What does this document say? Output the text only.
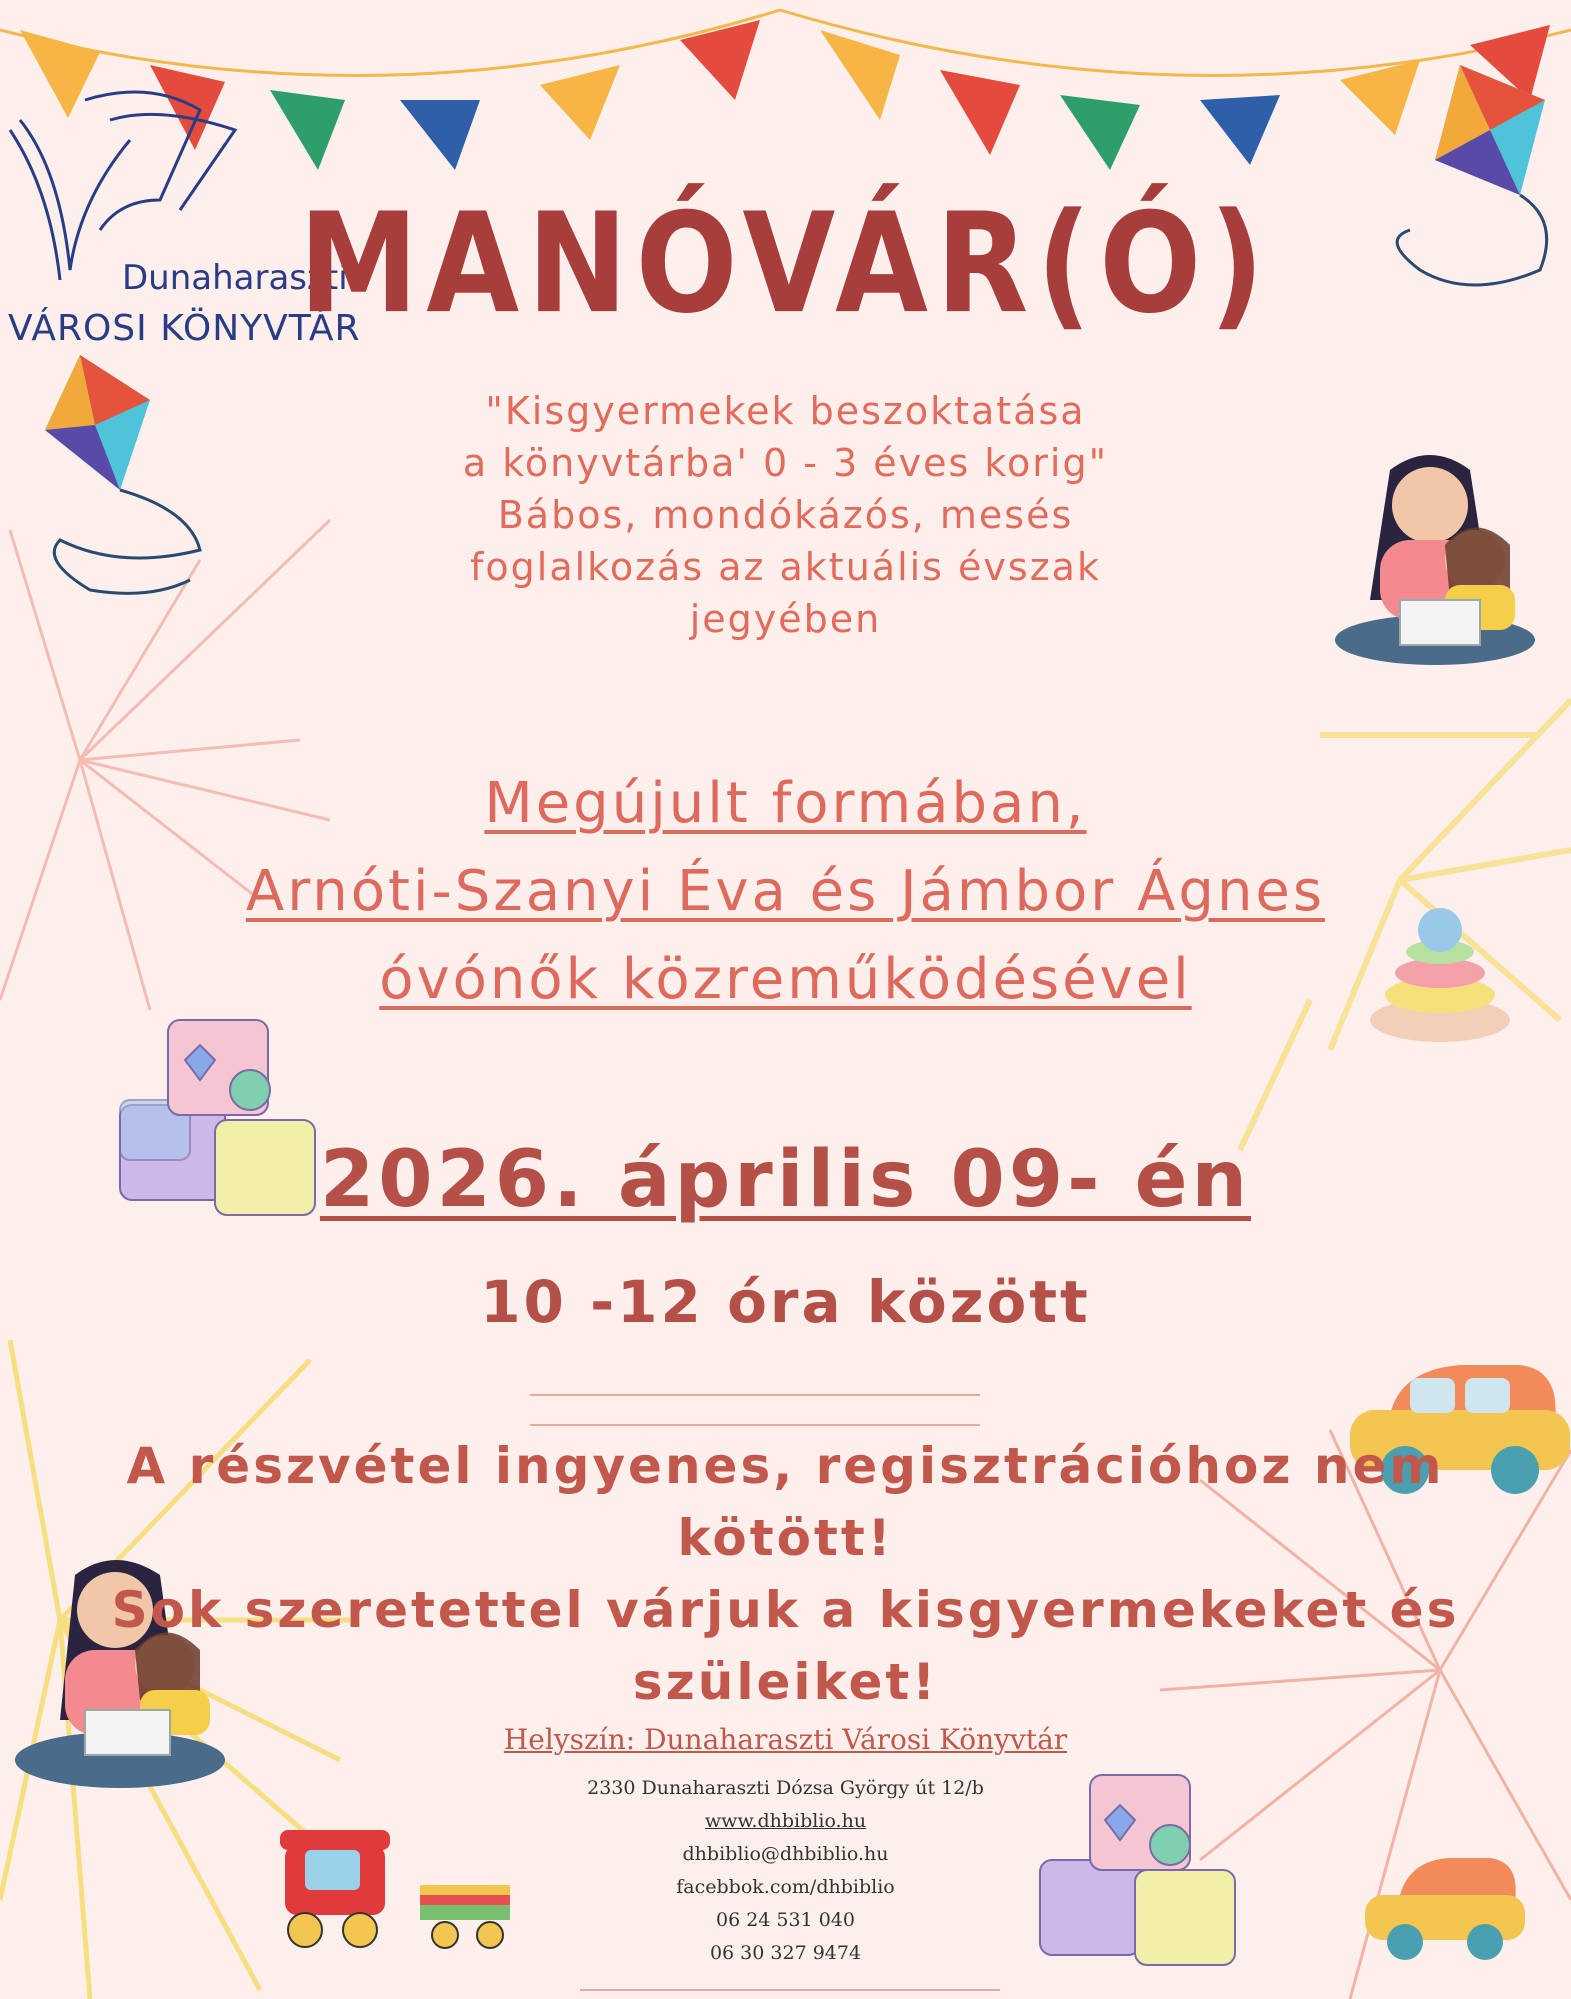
Dunaharaszti
VÁROSI KÖNYVTÁR
MANÓVÁR(Ó)
"Kisgyermekek beszoktatása
a könyvtárba' 0 - 3 éves korig"
Bábos, mondókázós, mesés
foglalkozás az aktuális évszak
jegyében
Megújult formában,
Arnóti-Szanyi Éva és Jámbor Ágnes
óvónők közreműködésével
2026. április 09- én
10 -12 óra között
A részvétel ingyenes, regisztrációhoz nem
kötött!
Sok szeretettel várjuk a kisgyermekeket és
szüleiket!
Helyszín: Dunaharaszti Városi Könyvtár
2330 Dunaharaszti Dózsa György út 12/b
www.dhbiblio.hu
dhbiblio@dhbiblio.hu
facebbok.com/dhbiblio
06 24 531 040
06 30 327 9474
